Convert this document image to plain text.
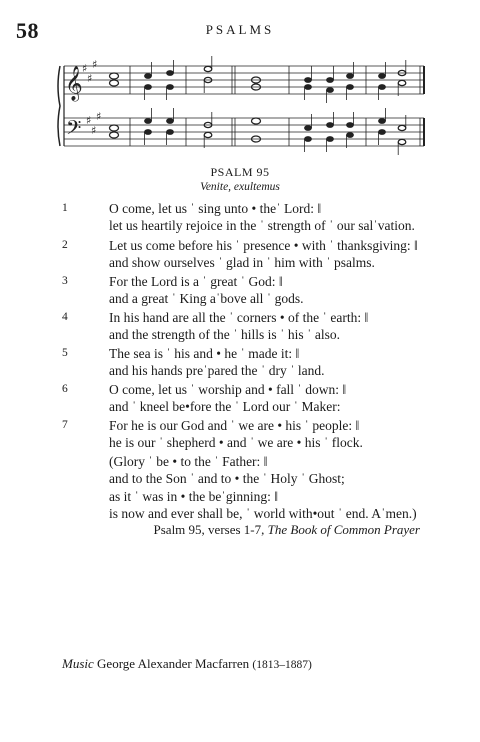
58	PSALMS
𝄞
𝄢
♯
♯
♯
♯
♯
♯
PSALM 95
Venite, exultemus
1	O come, let us ˈ sing unto • theˈ Lord: ‖
let us heartily rejoice in the ˈ strength of ˈ our salˈvation.
2	Let us come before his ˈ presence • with ˈ thanksgiving: ‖
and show ourselves ˈ glad in ˈ him with ˈ psalms.
3	For the Lord is a ˈ great ˈ God: ‖
and a great ˈ King aˈbove all ˈ gods.
4	In his hand are all the ˈ corners • of the ˈ earth: ‖
and the strength of the ˈ hills is ˈ his ˈ also.
5	The sea is ˈ his and • he ˈ made it: ‖
and his hands preˈpared the ˈ dry ˈ land.
6	O come, let us ˈ worship and • fall ˈ down: ‖
and ˈ kneel be•fore the ˈ Lord our ˈ Maker:
7	For he is our God and ˈ we are • his ˈ people: ‖
he is our ˈ shepherd • and ˈ we are • his ˈ flock.
(Glory ˈ be • to the ˈ Father: ‖
and to the Son ˈ and to • the ˈ Holy ˈ Ghost;
as it ˈ was in • the beˈginning: ‖
is now and ever shall be, ˈ world with•out ˈ end. Aˈmen.)
Psalm 95, verses 1-7, The Book of Common Prayer
Music George Alexander Macfarren (1813–1887)
